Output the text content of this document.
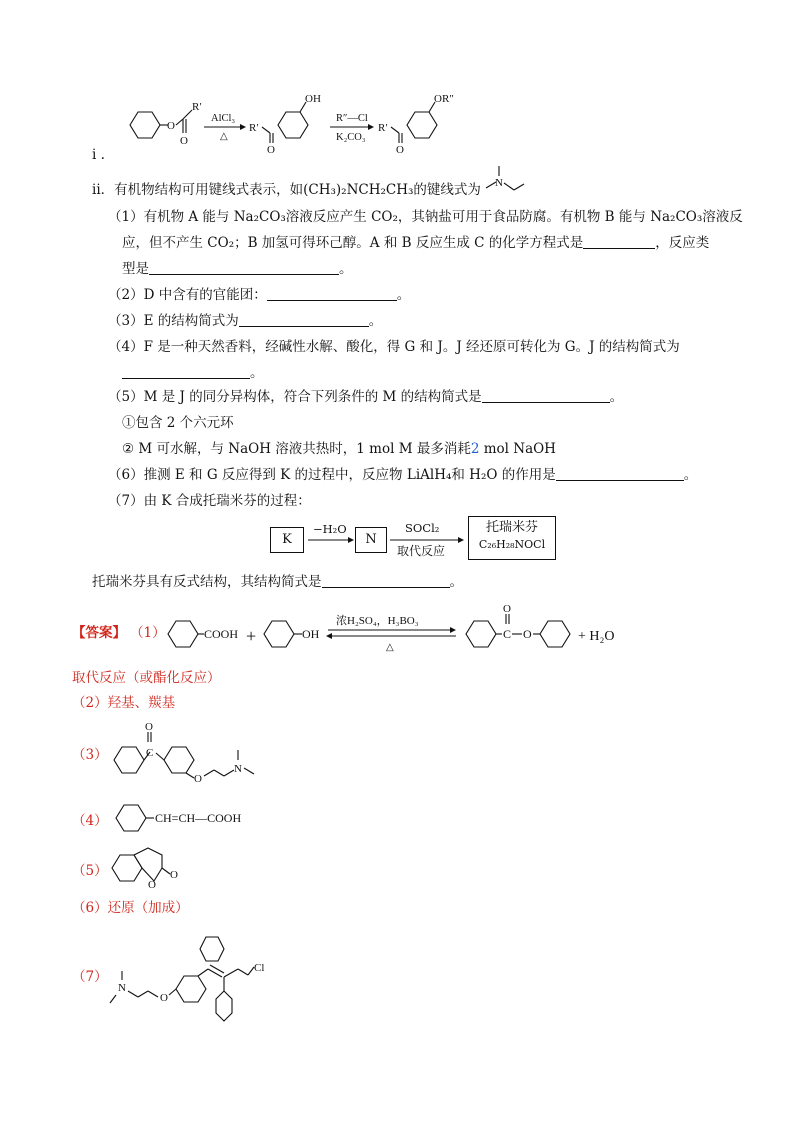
O
O
R′
AlCl₃
△
R′
O
OH
R″—Cl
K₂CO₃
R′
O
OR″
i .
ii．有机物结构可用键线式表示，如(CH₃)₂NCH₂CH₃的键线式为 N
（1）有机物 A 能与 Na₂CO₃溶液反应产生 CO₂，其钠盐可用于食品防腐。有机物 B 能与 Na₂CO₃溶液反
应，但不产生 CO₂；B 加氢可得环己醇。A 和 B 反应生成 C 的化学方程式是	，反应类
型是	。
（2）D 中含有的官能团：	。
（3）E 的结构简式为	。
（4）F 是一种天然香料，经碱性水解、酸化，得 G 和 J。J 经还原可转化为 G。J 的结构简式为
。
（5）M 是 J 的同分异构体，符合下列条件的 M 的结构简式是	。
①包含 2 个六元环
② M 可水解，与 NaOH 溶液共热时，1 mol M 最多消耗2 mol NaOH
（6）推测 E 和 G 反应得到 K 的过程中，反应物 LiAlH₄和 H₂O 的作用是	。
（7）由 K 合成托瑞米芬的过程：
K
−H₂O
N
SOCl₂
取代反应
托瑞米芬
C₂₆H₂₈NOCl
托瑞米芬具有反式结构，其结构简式是	。
【答案】 （1）	COOH +	OH
浓H₂SO₄，H₃BO₃
△
C
O
O	+ H₂O
取代反应（或酯化反应）
（2）羟基、羰基
（3）	C
O
O
N
（4）	CH=CH—COOH
（5）
O
O
（6）还原（加成）
（7）
N
O
Cl
